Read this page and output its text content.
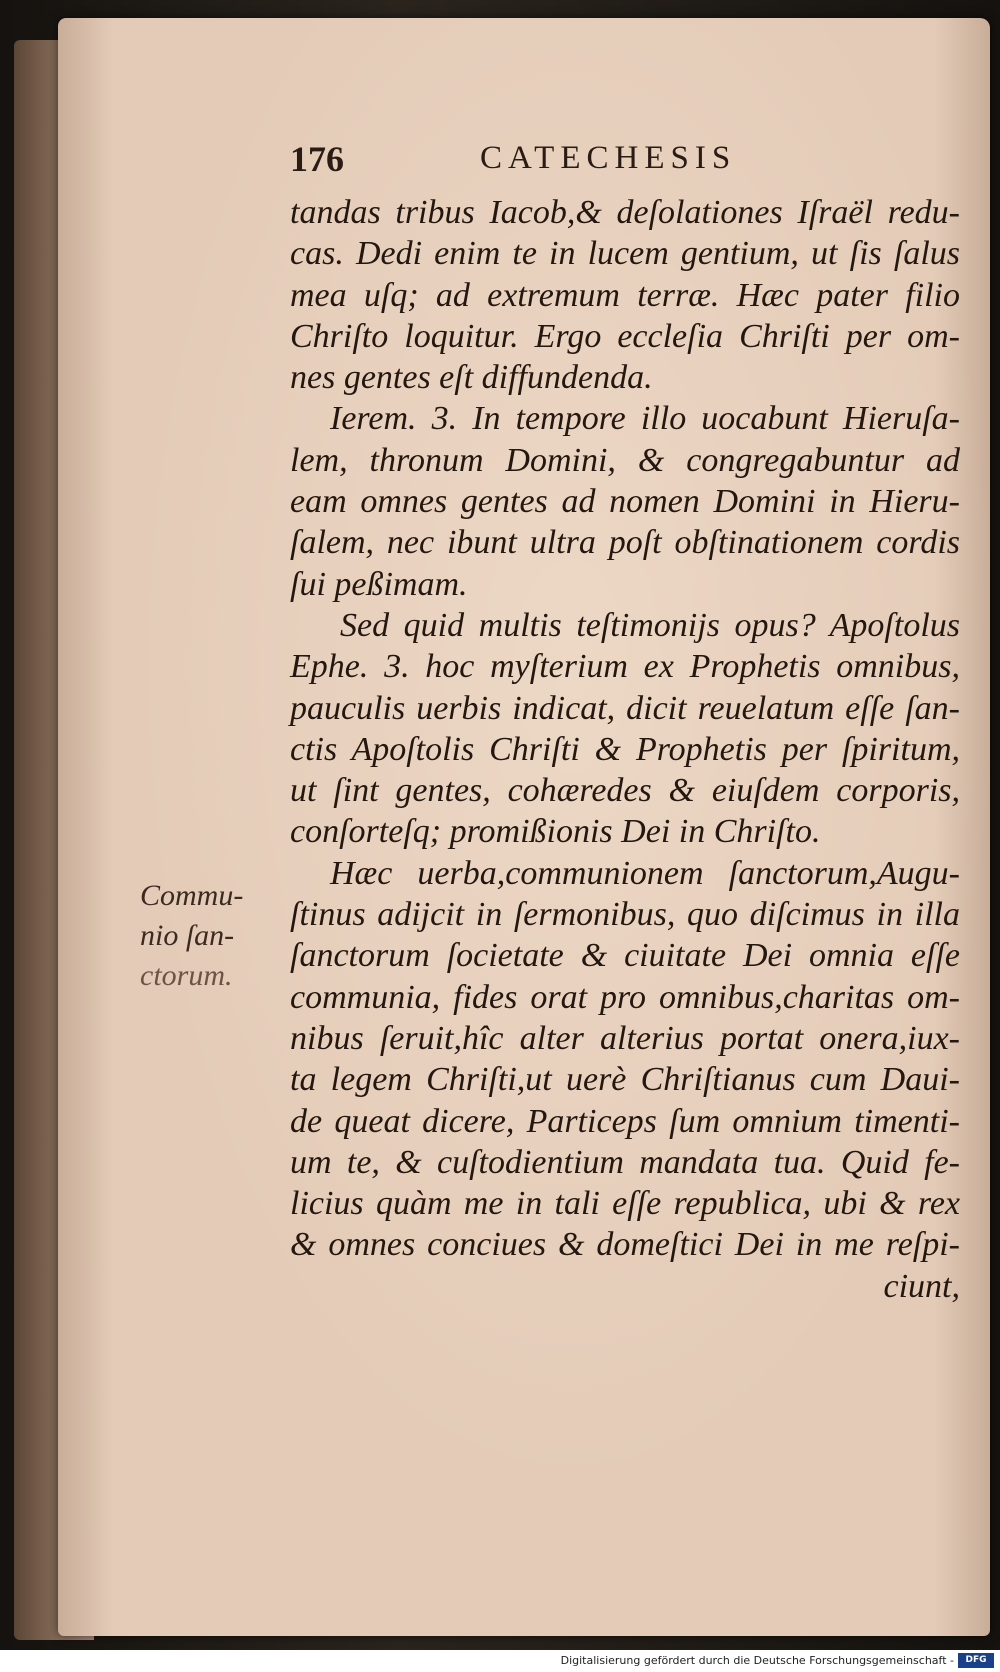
176	CATECHESIS
Commu-
nio ſan-
ctorum.
tandas tribus Iacob,& deſolationes Iſraël redu-
cas. Dedi enim te in lucem gentium, ut ſis ſalus
mea uſq; ad extremum terræ. Hæc pater filio
Chriſto loquitur. Ergo eccleſia Chriſti per om-
nes gentes eſt diffundenda.
Ierem. 3. In tempore illo uocabunt Hieruſa-
lem, thronum Domini, & congregabuntur ad
eam omnes gentes ad nomen Domini in Hieru-
ſalem, nec ibunt ultra poſt obſtinationem cordis
ſui peßimam.
Sed quid multis teſtimonijs opus? Apoſtolus
Ephe. 3. hoc myſterium ex Prophetis omnibus,
pauculis uerbis indicat, dicit reuelatum eſſe ſan-
ctis Apoſtolis Chriſti & Prophetis per ſpiritum,
ut ſint gentes, cohæredes & eiuſdem corporis,
conſorteſq; promißionis Dei in Chriſto.
Hæc uerba,communionem ſanctorum,Augu-
ſtinus adijcit in ſermonibus, quo diſcimus in illa
ſanctorum ſocietate & ciuitate Dei omnia eſſe
communia, fides orat pro omnibus,charitas om-
nibus ſeruit,hîc alter alterius portat onera,iux-
ta legem Chriſti,ut uerè Chriſtianus cum Daui-
de queat dicere, Particeps ſum omnium timenti-
um te, & cuſtodientium mandata tua. Quid fe-
licius quàm me in tali eſſe republica, ubi & rex
& omnes conciues & domeſtici Dei in me reſpi-
ciunt,
Digitalisierung gefördert durch die Deutsche Forschungsgemeinschaft -	DFG
